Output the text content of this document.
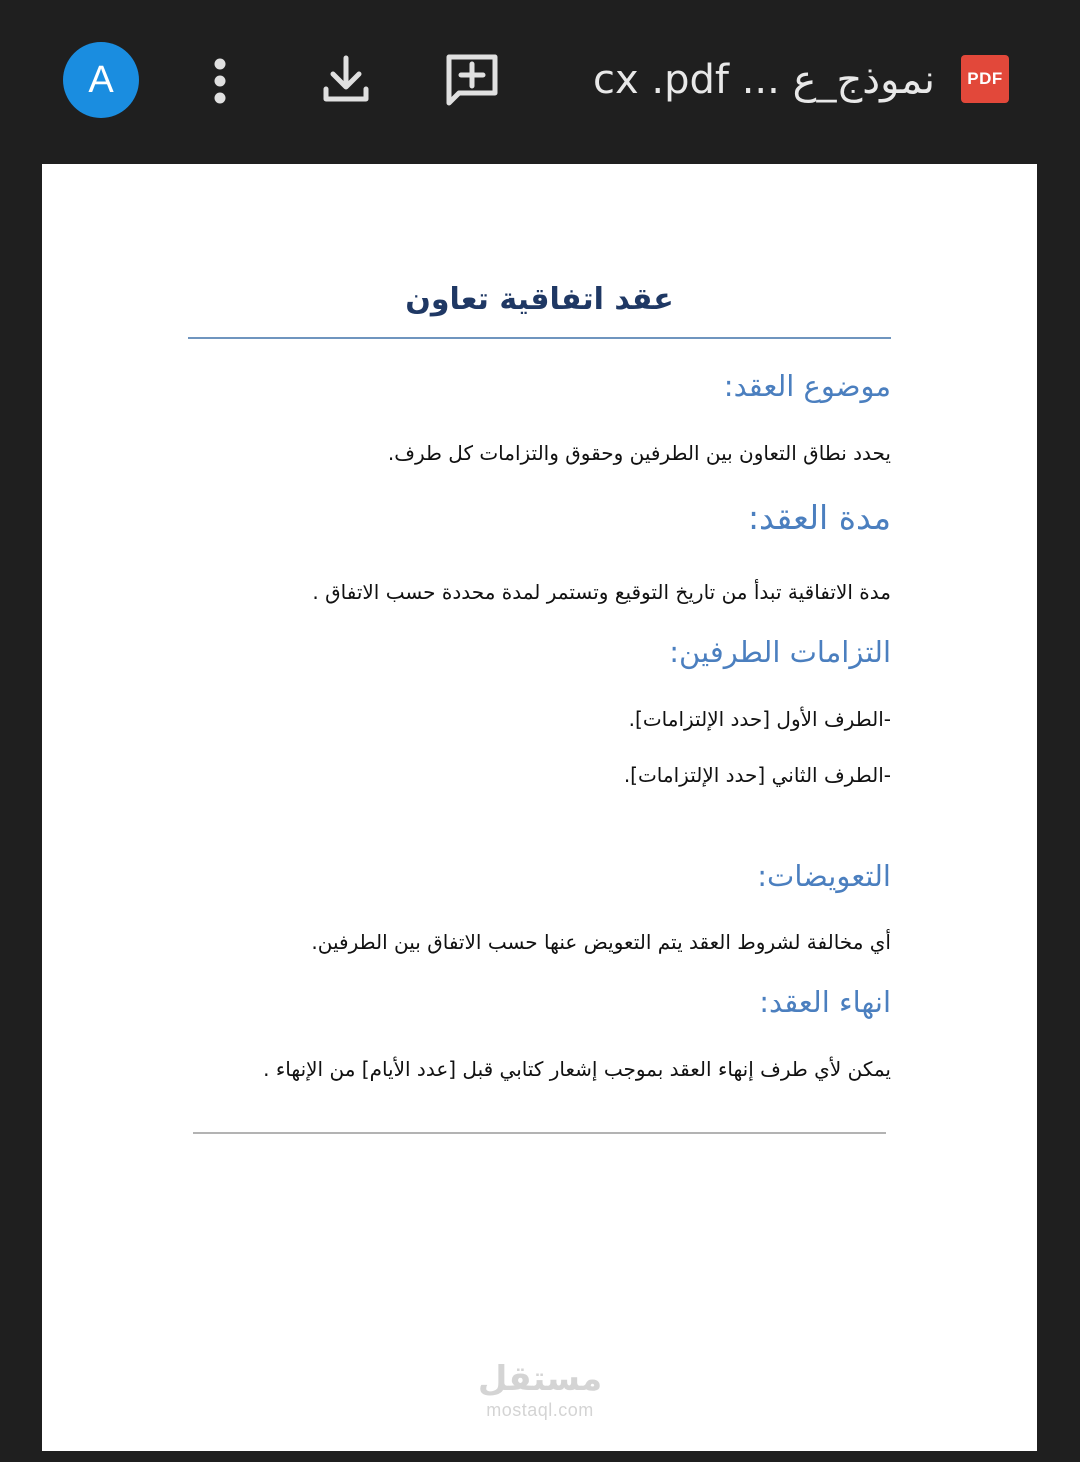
A	cx .pdf ... نموذج_ع	PDF
عقد اتفاقية تعاون
موضوع العقد:
يحدد نطاق التعاون بين الطرفين وحقوق والتزامات كل طرف.
مدة العقد:
مدة الاتفاقية تبدأ من تاريخ التوقيع وتستمر لمدة محددة حسب الاتفاق .
التزامات الطرفين:
-الطرف الأول [حدد الإلتزامات].
-الطرف الثاني [حدد الإلتزامات].
التعويضات:
أي مخالفة لشروط العقد يتم التعويض عنها حسب الاتفاق بين الطرفين.
انهاء العقد:
يمكن لأي طرف إنهاء العقد بموجب إشعار كتابي قبل [عدد الأيام] من الإنهاء .
مستقل
mostaql.com
